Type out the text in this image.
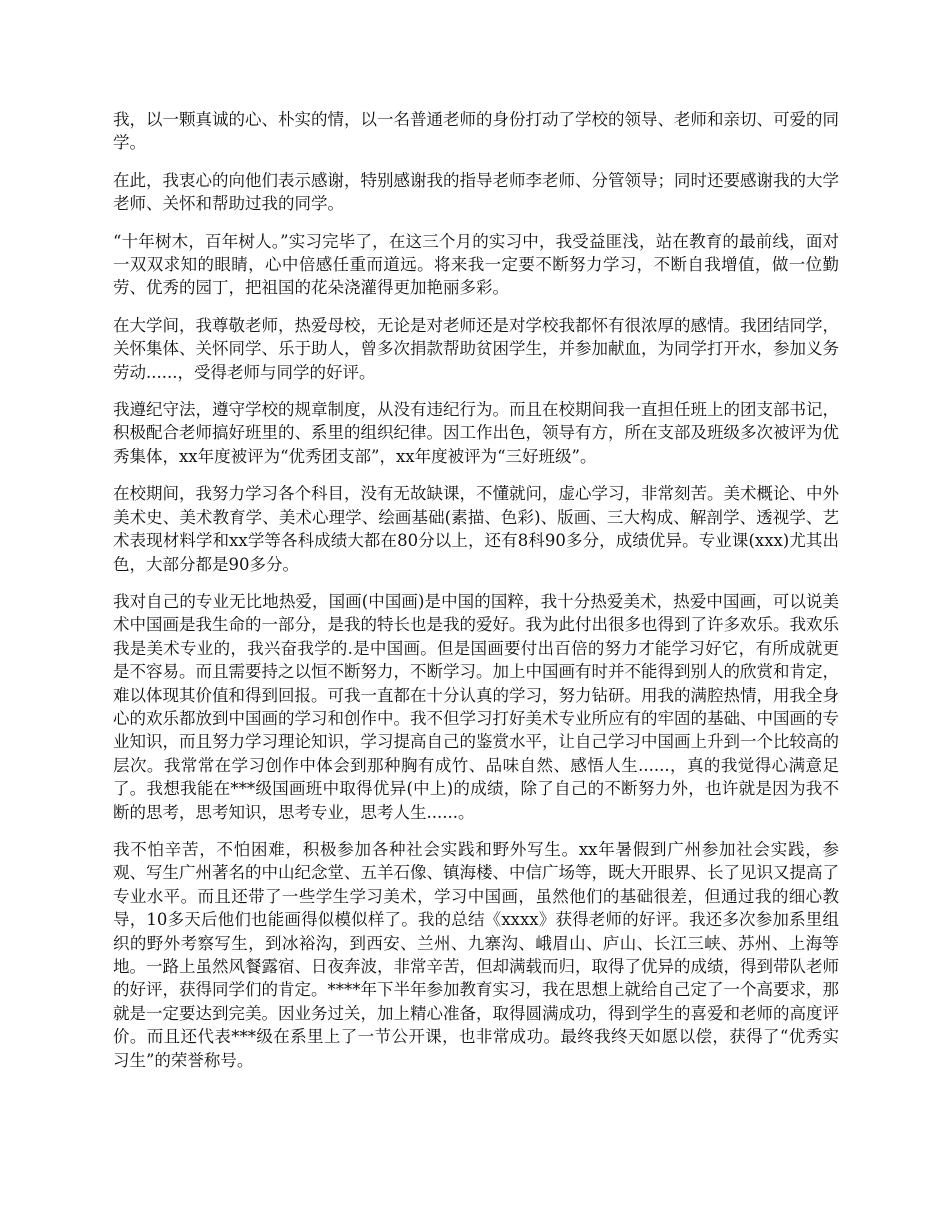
我，以一颗真诚的心、朴实的情，以一名普通老师的身份打动了学校的领导、老师和亲切、可爱的同学。

在此，我衷心的向他们表示感谢，特别感谢我的指导老师李老师、分管领导；同时还要感谢我的大学老师、关怀和帮助过我的同学。

“十年树木，百年树人。”实习完毕了，在这三个月的实习中，我受益匪浅，站在教育的最前线，面对一双双求知的眼睛，心中倍感任重而道远。将来我一定要不断努力学习，不断自我增值，做一位勤劳、优秀的园丁，把祖国的花朵浇灌得更加艳丽多彩。

在大学间，我尊敬老师，热爱母校，无论是对老师还是对学校我都怀有很浓厚的感情。我团结同学，关怀集体、关怀同学、乐于助人，曾多次捐款帮助贫困学生，并参加献血，为同学打开水，参加义务劳动......，受得老师与同学的好评。

我遵纪守法，遵守学校的规章制度，从没有违纪行为。而且在校期间我一直担任班上的团支部书记，积极配合老师搞好班里的、系里的组织纪律。因工作出色，领导有方，所在支部及班级多次被评为优秀集体，xx年度被评为“优秀团支部”，xx年度被评为“三好班级”。

在校期间，我努力学习各个科目，没有无故缺课，不懂就问，虚心学习，非常刻苦。美术概论、中外美术史、美术教育学、美术心理学、绘画基础(素描、色彩)、版画、三大构成、解剖学、透视学、艺术表现材料学和xx学等各科成绩大都在80分以上，还有8科90多分，成绩优异。专业课(xxx)尤其出色，大部分都是90多分。

我对自己的专业无比地热爱，国画(中国画)是中国的国粹，我十分热爱美术，热爱中国画，可以说美术中国画是我生命的一部分，是我的特长也是我的爱好。我为此付出很多也得到了许多欢乐。我欢乐我是美术专业的，我兴奋我学的.是中国画。但是国画要付出百倍的努力才能学习好它，有所成就更是不容易。而且需要持之以恒不断努力，不断学习。加上中国画有时并不能得到别人的欣赏和肯定，难以体现其价值和得到回报。可我一直都在十分认真的学习，努力钻研。用我的满腔热情，用我全身心的欢乐都放到中国画的学习和创作中。我不但学习打好美术专业所应有的牢固的基础、中国画的专业知识，而且努力学习理论知识，学习提高自己的鉴赏水平，让自己学习中国画上升到一个比较高的层次。我常常在学习创作中体会到那种胸有成竹、品味自然、感悟人生......，真的我觉得心满意足了。我想我能在***级国画班中取得优异(中上)的成绩，除了自己的不断努力外，也许就是因为我不断的思考，思考知识，思考专业，思考人生......。

我不怕辛苦，不怕困难，积极参加各种社会实践和野外写生。xx年暑假到广州参加社会实践，参观、写生广州著名的中山纪念堂、五羊石像、镇海楼、中信广场等，既大开眼界、长了见识又提高了专业水平。而且还带了一些学生学习美术，学习中国画，虽然他们的基础很差，但通过我的细心教导，10多天后他们也能画得似模似样了。我的总结《xxxx》获得老师的好评。我还多次参加系里组织的野外考察写生，到冰裕沟，到西安、兰州、九寨沟、峨眉山、庐山、长江三峡、苏州、上海等地。一路上虽然风餐露宿、日夜奔波，非常辛苦，但却满载而归，取得了优异的成绩，得到带队老师的好评，获得同学们的肯定。****年下半年参加教育实习，我在思想上就给自己定了一个高要求，那就是一定要达到完美。因业务过关，加上精心准备，取得圆满成功，得到学生的喜爱和老师的高度评价。而且还代表***级在系里上了一节公开课，也非常成功。最终我终天如愿以偿，获得了“优秀实习生”的荣誉称号。
